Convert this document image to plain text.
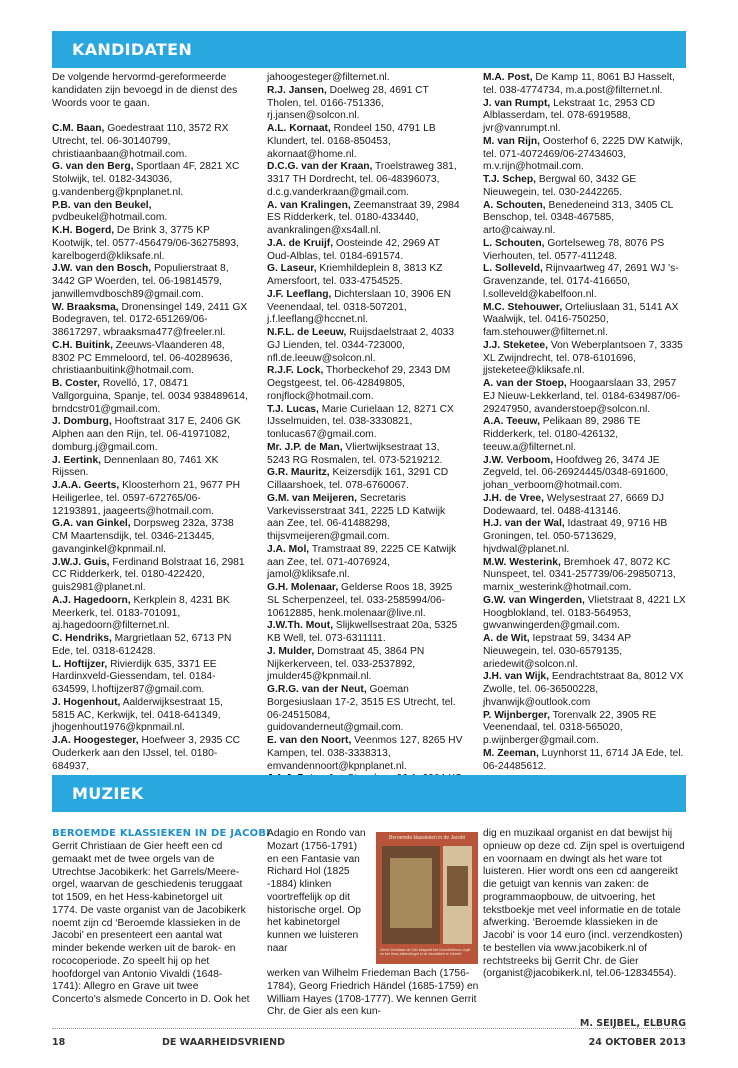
KANDIDATEN

De volgende hervormd-gereformeerde kandidaten zijn bevoegd in de dienst des Woords voor te gaan.

C.M. Baan, Goedestraat 110, 3572 RX Utrecht, tel. 06-30140799, christiaanbaan@hotmail.com.

G. van den Berg, Sportlaan 4F, 2821 XC Stolwijk, tel. 0182-343036, g.vandenberg@kpnplanet.nl.

P.B. van den Beukel, pvdbeukel@hotmail.com.

K.H. Bogerd, De Brink 3, 3775 KP Kootwijk, tel. 0577-456479/06-36275893, karelbogerd@kliksafe.nl.

J.W. van den Bosch, Populierstraat 8, 3442 GP Woerden, tel. 06-19814579, janwillemvdbosch89@gmail.com.

W. Braaksma, Dronensingel 149, 2411 GX Bodegraven, tel. 0172-651269/06-38617297, wbraaksma477@freeler.nl.

C.H. Buitink, Zeeuws-Vlaanderen 48, 8302 PC Emmeloord, tel. 06-40289636, christiaanbuitink@hotmail.com.

B. Coster, Rovelló, 17, 08471 Vallgorguina, Spanje, tel. 0034 938489614, brndcstr01@gmail.com.

J. Domburg, Hooftstraat 317 E, 2406 GK Alphen aan den Rijn, tel. 06-41971082, domburg.j@gmail.com.

J. Eertink, Dennenlaan 80, 7461 XK Rijssen.

J.A.A. Geerts, Kloosterhorn 21, 9677 PH Heiligerlee, tel. 0597-672765/06-12193891, jaageerts@hotmail.com.

G.A. van Ginkel, Dorpsweg 232a, 3738 CM Maartensdijk, tel. 0346-213445, gavanginkel@kpnmail.nl.

J.W.J. Guis, Ferdinand Bolstraat 16, 2981 CC Ridderkerk, tel. 0180-422420, guis2981@planet.nl.

A.J. Hagedoorn, Kerkplein 8, 4231 BK Meerkerk, tel. 0183-701091, aj.hagedoorn@filternet.nl.

C. Hendriks, Margrietlaan 52, 6713 PN Ede, tel. 0318-612428.

L. Hoftijzer, Rivierdijk 635, 3371 EE Hardinxveld-Giessendam, tel. 0184-634599, l.hoftijzer87@gmail.com.

J. Hogenhout, Aalderwijksestraat 15, 5815 AC, Kerkwijk, tel. 0418-641349, jhogenhout1976@kpnmail.nl.

J.A. Hoogesteger, Hoefweer 3, 2935 CC Ouderkerk aan den IJssel, tel. 0180-684937,

jahoogesteger@filternet.nl.

R.J. Jansen, Doelweg 28, 4691 CT Tholen, tel. 0166-751336, rj.jansen@solcon.nl.

A.L. Kornaat, Rondeel 150, 4791 LB Klundert, tel. 0168-850453, akornaat@home.nl.

D.C.G. van der Kraan, Troelstraweg 381, 3317 TH Dordrecht, tel. 06-48396073, d.c.g.vanderkraan@gmail.com.

A. van Kralingen, Zeemanstraat 39, 2984 ES Ridderkerk, tel. 0180-433440, avankralingen@xs4all.nl.

J.A. de Kruijf, Oosteinde 42, 2969 AT Oud-Alblas, tel. 0184-691574.

G. Laseur, Kriemhildeplein 8, 3813 KZ Amersfoort, tel. 033-4754525.

J.F. Leeflang, Dichterslaan 10, 3906 EN Veenendaal, tel. 0318-507201, j.f.leeflang@hccnet.nl.

N.F.L. de Leeuw, Ruijsdaelstraat 2, 4033 GJ Lienden, tel. 0344-723000, nfl.de.leeuw@solcon.nl.

R.J.F. Lock, Thorbeckehof 29, 2343 DM Oegstgeest, tel. 06-42849805, ronjflock@hotmail.com.

T.J. Lucas, Marie Curielaan 12, 8271 CX IJsselmuiden, tel. 038-3330821, tonlucas67@gmail.com.

Mr. J.P. de Man, Vliertwijksestraat 13, 5243 RG Rosmalen, tel. 073-5219212.

G.R. Mauritz, Keizersdijk 161, 3291 CD Cillaarshoek, tel. 078-6760067.

G.M. van Meijeren, Secretaris Varkevisserstraat 341, 2225 LD Katwijk aan Zee, tel. 06-41488298, thijsvmeijeren@gmail.com.

J.A. Mol, Tramstraat 89, 2225 CE Katwijk aan Zee, tel. 071-4076924, jamol@kliksafe.nl.

G.H. Molenaar, Gelderse Roos 18, 3925 SL Scherpenzeel, tel. 033-2585994/06-10612885, henk.molenaar@live.nl.

J.W.Th. Mout, Slijkwellsestraat 20a, 5325 KB Well, tel. 073-6311111.

J. Mulder, Domstraat 45, 3864 PN Nijkerkerveen, tel. 033-2537892, jmulder45@kpnmail.nl.

G.R.G. van der Neut, Goeman Borgesiuslaan 17-2, 3515 ES Utrecht, tel. 06-24515084, guidovanderneut@gmail.com.

E. van den Noort, Veenmos 127, 8265 HV Kampen, tel. 038-3338313, emvandennoort@kpnplanet.nl.

M.A. Post, De Kamp 11, 8061 BJ Hasselt, tel. 038-4774734, m.a.post@filternet.nl.

J. van Rumpt, Lekstraat 1c, 2953 CD Alblasserdam, tel. 078-6919588, jvr@vanrumpt.nl.

M. van Rijn, Oosterhof 6, 2225 DW Katwijk, tel. 071-4072469/06-27434603, m.v.rijn@hotmail.com.

T.J. Schep, Bergwal 60, 3432 GE Nieuwegein, tel. 030-2442265.

A. Schouten, Benedeneind 313, 3405 CL Benschop, tel. 0348-467585, arto@caiway.nl.

L. Schouten, Gortelseweg 78, 8076 PS Vierhouten, tel. 0577-411248.

L. Solleveld, Rijnvaartweg 47, 2691 WJ 's-Gravenzande, tel. 0174-416650, l.solleveld@kabelfoon.nl.

M.C. Stehouwer, Orteliuslaan 31, 5141 AX Waalwijk, tel. 0416-750250, fam.stehouwer@filternet.nl.

J.J. Steketee, Von Weberplantsoen 7, 3335 XL Zwijndrecht, tel. 078-6101696, jjsteketee@kliksafe.nl.

A. van der Stoep, Hoogaarslaan 33, 2957 EJ Nieuw-Lekkerland, tel. 0184-634987/06-29247950, avanderstoep@solcon.nl.

A.A. Teeuw, Pelikaan 89, 2986 TE Ridderkerk, tel. 0180-426132, teeuw.a@filternet.nl.

J.W. Verboom, Hoofdweg 26, 3474 JE Zegveld, tel. 06-26924445/0348-691600, johan_verboom@hotmail.com.

J.H. de Vree, Welysestraat 27, 6669 DJ Dodewaard, tel. 0488-413146.

H.J. van der Wal, Idastraat 49, 9716 HB Groningen, tel. 050-5713629, hjvdwal@planet.nl.

M.W. Westerink, Bremhoek 47, 8072 KC Nunspeet, tel. 0341-257739/06-29850713, marnix_westerink@hotmail.com.

G.W. van Wingerden, Vlietstraat 8, 4221 LX Hoogblokland, tel. 0183-564953, gwvanwingerden@gmail.com.

A. de Wit, Iepstraat 59, 3434 AP Nieuwegein, tel. 030-6579135, ariedewit@solcon.nl.

J.H. van Wijk, Eendrachtstraat 8a, 8012 VX Zwolle, tel. 06-36500228, jhvanwijk@outlook.com

P. Wijnberger, Torenvalk 22, 3905 RE Veenendaal, tel. 0318-565020, p.wijnberger@gmail.com.

M. Zeeman, Luynhorst 11, 6714 JA Ede, tel. 06-24485612.

MUZIEK
BEROEMDE KLASSIEKEN IN DE JACOBI

Gerrit Christiaan de Gier heeft een cd gemaakt met de twee orgels van de Utrechtse Jacobikerk: het Garrels/Meere-orgel, waarvan de geschiedenis teruggaat tot 1509, en het Hess-kabinetorgel uit 1774. De vaste organist van de Jacobikerk noemt zijn cd ‘Beroemde klassieken in de Jacobi’ en presenteert een aantal wat minder bekende werken uit de barok- en rococoperiode. Zo speelt hij op het hoofdorgel van Antonio Vivaldi (1648-1741): Allegro en Grave uit twee Concerto’s alsmede Concerto in D. Ook het

Adagio en Rondo van Mozart (1756-1791) en een Fantasie van Richard Hol (1825 -1884) klinken voortreffelijk op dit historische orgel. Op het kabinetorgel kunnen we luisteren naar

werken van Wilhelm Friedeman Bach (1756-1784), Georg Friedrich Händel (1685-1759) en William Hayes (1708-1777). We kennen Gerrit Chr. de Gier als een kun-

Beroemde klassieken in de Jacobi
Gerrit Christiaan de Gier bespeelt het Garrels/Meere-orgel en het Hess-kabinetorgel in de Jacobikerk te Utrecht

dig en muzikaal organist en dat bewijst hij opnieuw op deze cd. Zijn spel is overtuigend en voornaam en dwingt als het ware tot luisteren. Hier wordt ons een cd aangereikt die getuigt van kennis van zaken: de programmaopbouw, de uitvoering, het tekstboekje met veel informatie en de totale afwerking. ‘Beroemde klassieken in de Jacobi’ is voor 14 euro (incl. verzendkosten) te bestellen via www.jacobikerk.nl of rechtstreeks bij Gerrit Chr. de Gier (organist@jacobikerk.nl, tel.06-12834554).

M. SEIJBEL, ELBURG
18	DE WAARHEIDSVRIEND	24 OKTOBER 2013
